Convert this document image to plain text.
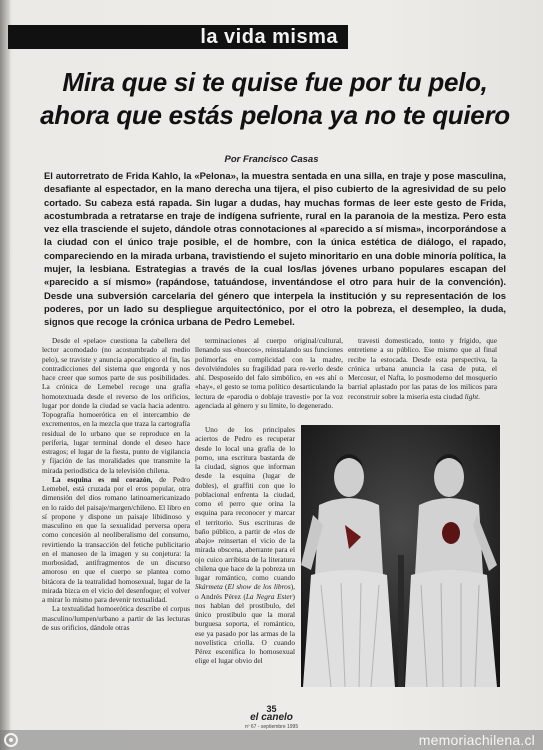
la vida misma
Mira que si te quise fue por tu pelo,
ahora que estás pelona ya no te quiero
Por Francisco Casas
El autorretrato de Frida Kahlo, la «Pelona», la muestra sentada en una silla, en traje y pose masculina, desafiante al espectador, en la mano derecha una tijera, el piso cubierto de la agresividad de su pelo cortado. Su cabeza está rapada. Sin lugar a dudas, hay muchas formas de leer este gesto de Frida, acostumbrada a retratarse en traje de indígena sufriente, rural en la paranoia de la mestiza. Pero esta vez ella trasciende el sujeto, dándole otras connotaciones al «parecido a sí misma», incorporándose a la ciudad con el único traje posible, el de hombre, con la única estética de diálogo, el rapado, compareciendo en la mirada urbana, travistiendo el sujeto minoritario en una doble minoría política, la mujer, la lesbiana. Estrategias a través de la cual los/las jóvenes urbano populares escapan del «parecido a sí mismo» (rapándose, tatuándose, inventándose el otro para huir de la convención). Desde una subversión carcelaria del género que interpela la institución y su representación de los poderes, por un lado su despliegue arquitectónico, por el otro la pobreza, el desempleo, la duda, signos que recoge la crónica urbana de Pedro Lemebel.

Desde el «pelao» cuestiona la cabellera del lector acomodado (no acostumbrado al medio pelo), se traviste y anuncia apocalíptico el fin, las contradicciones del sistema que engorda y nos hace creer que somos parte de sus posibilidades. La crónica de Lemebel recoge una grafía homotextuada desde el reverso de los orificios, lugar por donde la ciudad se vacía hacia adentro. Topografía homoerótica en el intercambio de excrementos, en la mezcla que traza la cartografía residual de lo urbano que se reproduce en la periferia, lugar terminal donde el deseo hace estragos; el lugar de la fiesta, punto de vigilancia y fijación de las moralidades que transmite la mirada periodística de la televisión chilena.

La esquina es mi corazón, de Pedro Lemebel, está cruzada por el eros popular, otra dimensión del dios romano latinoamericanizado en lo raído del paisaje/margen/chileno. El libro en sí propone y dispone un paisaje libidinoso y masculino en que la sexualidad perversa opera como concesión al neoliberalismo del consumo, revirtiendo la transacción del fetiche publicitario en el manoseo de la imagen y su conjetura: la morbosidad, antifragmentos de un discurso amoroso en que el cuerpo se plantea como bitácora de la teatralidad homosexual, lugar de la mirada bizca en el vicio del desenfoque; el volver a mirar lo mismo para devenir textualidad.

La textualidad homoerótica describe el corpus masculino/lumpen/urbano a partir de las lecturas de sus orificios, dándole otras

terminaciones al cuerpo original/cultural, llenando sus «huecos», reinstalando sus funciones polimorfas en complicidad con la madre, devolviéndoles su fragilidad para re-verlo desde ahí. Desposeído del falo simbólico, en «es ahí o «hay», el gesto se torna político desarticulando la lectura de «parodia o doblaje travesti» por la voz agenciada al género y su límite, lo degenerado.

Uno de los principales aciertos de Pedro es recuperar desde lo local una grafía de lo porno, una escritura bastarda de la ciudad, signos que informan desde la esquina (lugar de dobles), el graffiti con que lo poblacional enfrenta la ciudad, como el perro que orina la esquina para reconocer y marcar el territorio. Sus escrituras de baño público, a partir de «los de abajo» reinsertan el vicio de la mirada obscena, aberrante para el ojo cuico arribista de la literatura chilena que hace de la pobreza un lugar romántico, como cuando Skármeta (El show de los libros), o Andrés Pérez (La Negra Ester) nos hablan del prostíbulo, del único prostíbulo que la moral burguesa soporta, el romántico, ese ya pasado por las armas de la novelística criolla. O cuando Pérez escenifica lo homosexual elige el lugar obvio del

travesti domesticado, tonto y frígido, que entretiene a su público. Ese mismo que al final recibe la estocada. Desde esta perspectiva, la crónica urbana anuncia la casa de puta, el Mercosur, el Nafta, lo posmoderno del mosquerío barrial aplastado por las patas de los milicos para reconstruir sobre la miseria esta ciudad light.

35
el canelo
nº 67 - septiembre 1995
memoriachilena.cl
